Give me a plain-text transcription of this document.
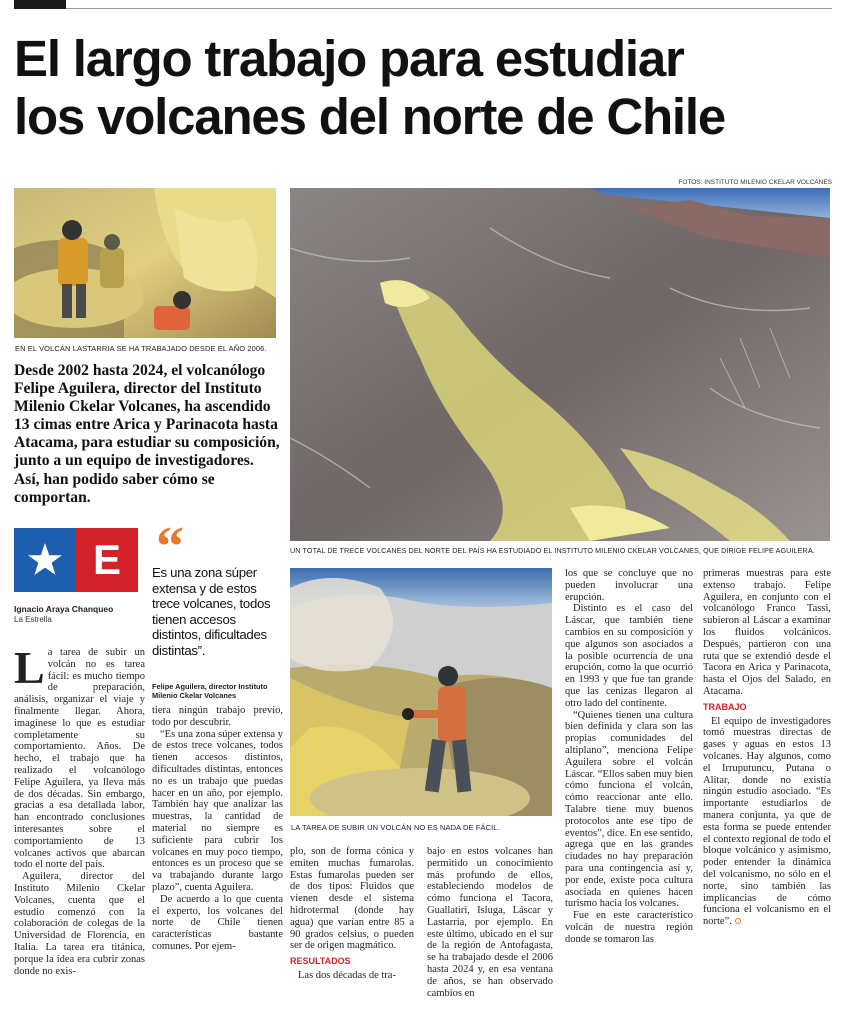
El largo trabajo para estudiar
los volcanes del norte de Chile
FOTOS: INSTITUTO MILENIO CKELAR VOLCANES
EN EL VOLCÁN LASTARRIA SE HA TRABAJADO DESDE EL AÑO 2006.
UN TOTAL DE TRECE VOLCANES DEL NORTE DEL PAÍS HA ESTUDIADO EL INSTITUTO MILENIO CKELAR VOLCANES, QUE DIRIGE FELIPE AGUILERA.
LA TAREA DE SUBIR UN VOLCÁN NO ES NADA DE FÁCIL.
Desde 2002 hasta 2024, el volcanólogo Felipe Aguilera, director del Instituto Milenio Ckelar Volcanes, ha ascendido 13 cimas entre Arica y Parinacota hasta Atacama, para estudiar su composición, junto a un equipo de investigadores. Así, han podido saber cómo se comportan.
E
Ignacio Araya Chanqueo
La Estrella
“
Es una zona súper extensa y de estos trece volcanes, todos tienen accesos distintos, dificultades distintas”.
Felipe Aguilera, director Instituto Milenio Ckelar Volcanes

La tarea de subir un volcán no es tarea fácil: es mucho tiempo de preparación, análisis, organizar el viaje y finalmente llegar. Ahora, imagínese lo que es estudiar completamente su comportamiento. Años. De hecho, el trabajo que ha realizado el volcanólogo Felipe Aguilera, ya lleva más de dos décadas. Sin embargo, gracias a esa detallada labor, han encontrado conclusiones interesantes sobre el comportamiento de 13 volcanes activos que abarcan todo el norte del país.

Aguilera, director del Instituto Milenio Ckelar Volcanes, cuenta que el estudio comenzó con la colaboración de colegas de la Universidad de Florencia, en Italia. La tarea era titánica, porque la idea era cubrir zonas donde no exis-

tiera ningún trabajo previo, todo por descubrir.

“Es una zona súper extensa y de estos trece volcanes, todos tienen accesos distintos, dificultades distintas, entonces no es un trabajo que puedas hacer en un año, por ejemplo. También hay que analizar las muestras, la cantidad de material no siempre es suficiente para cubrir los volcanes en muy poco tiempo, entonces es un proceso que se va trabajando durante largo plazo”, cuenta Aguilera.

De acuerdo a lo que cuenta el experto, los volcanes del norte de Chile tienen características bastante comunes. Por ejem-

plo, son de forma cónica y emiten muchas fumarolas. Estas fumarolas pueden ser de dos tipos: Fluidos que vienen desde el sistema hidrotermal (donde hay agua) que varían entre 85 a 90 grados celsius, o pueden ser de origen magmático.

RESULTADOS

Las dos décadas de tra-

bajo en estos volcanes han permitido un conocimiento más profundo de ellos, estableciendo modelos de cómo funciona el Tacora, Guallatiri, Isluga, Láscar y Lastarria, por ejemplo. En este último, ubicado en el sur de la región de Antofagasta, se ha trabajado desde el 2006 hasta 2024 y, en esa ventana de años, se han observado cambios en

los que se concluye que no pueden involucrar una erupción.

Distinto es el caso del Láscar, que también tiene cambios en su composición y que algunos son asociados a la posible ocurrencia de una erupción, como la que ocurrió en 1993 y que fue tan grande que las cenizas llegaron al otro lado del continente.

“Quienes tienen una cultura bien definida y clara son las propias comunidades del altiplano”, menciona Felipe Aguilera sobre el volcán Láscar. “Ellos saben muy bien cómo funciona el volcán, cómo reaccionar ante ello. Talabre tiene muy buenos protocolos ante ese tipo de eventos”, dice. En ese sentido, agrega que en las grandes ciudades no hay preparación para una contingencia así y, por ende, existe poca cultura asociada en quienes hacen turismo hacia los volcanes.

Fue en este característico volcán de nuestra región donde se tomaron las

primeras muestras para este extenso trabajo. Felipe Aguilera, en conjunto con el volcanólogo Franco Tassi, subieron al Láscar a examinar los fluidos volcánicos. Después, partieron con una ruta que se extendió desde el Tacora en Arica y Parinacota, hasta el Ojos del Salado, en Atacama.

TRABAJO

El equipo de investigadores tomó muestras directas de gases y aguas en estos 13 volcanes. Hay algunos, como el Irruputuncu, Putana o Alitar, donde no existía ningún estudio asociado. “Es importante estudiarlos de manera conjunta, ya que de esta forma se puede entender el contexto regional de todo el bloque volcánico y asimismo, poder entender la dinámica del volcanismo, no sólo en el norte, sino también las implicancias de cómo funciona el volcanismo en el norte”.
